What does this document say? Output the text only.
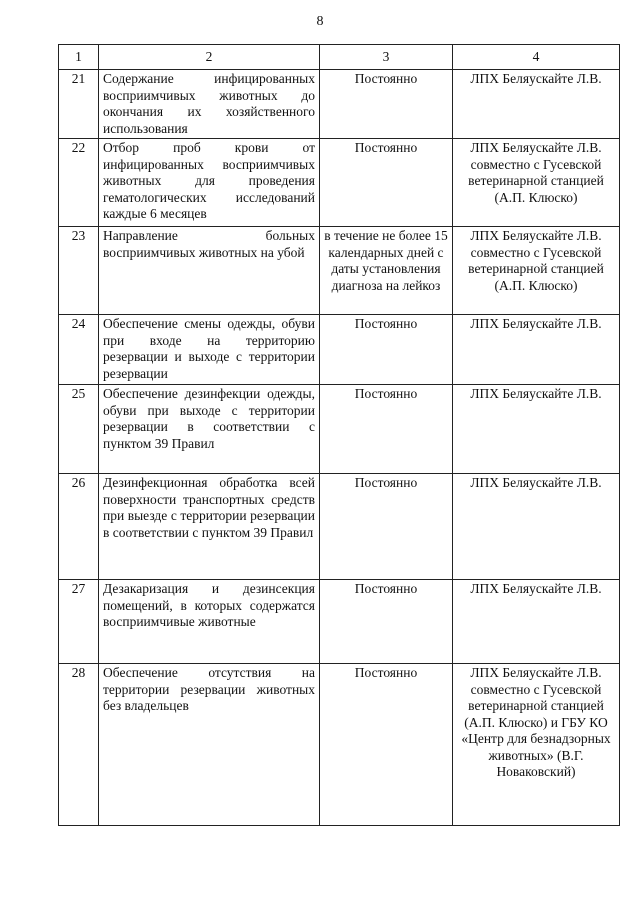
8
1	2	3	4
21	Содержание инфицированных восприимчивых животных до окончания их хозяйственного использования	Постоянно	ЛПХ Беляускайте Л.В.
22	Отбор проб крови от инфицированных восприимчивых животных для проведения гематологических исследований каждые 6 месяцев	Постоянно	ЛПХ Беляускайте Л.В. совместно с Гусевской ветеринарной станцией (А.П. Клюско)
23	Направление больных восприимчивых животных на убой	в течение не более 15 календарных дней с даты установления диагноза на лейкоз	ЛПХ Беляускайте Л.В. совместно с Гусевской ветеринарной станцией (А.П. Клюско)
24	Обеспечение смены одежды, обуви при входе на территорию резервации и выходе с территории резервации	Постоянно	ЛПХ Беляускайте Л.В.
25	Обеспечение дезинфекции одежды, обуви при выходе с территории резервации в соответствии с пунктом 39 Правил	Постоянно	ЛПХ Беляускайте Л.В.
26	Дезинфекционная обработка всей поверхности транспортных средств при выезде с территории резервации в соответствии с пунктом 39 Правил	Постоянно	ЛПХ Беляускайте Л.В.
27	Дезакаризация и дезинсекция помещений, в которых содержатся восприимчивые животные	Постоянно	ЛПХ Беляускайте Л.В.
28	Обеспечение отсутствия на территории резервации животных без владельцев	Постоянно	ЛПХ Беляускайте Л.В. совместно с Гусевской ветеринарной станцией (А.П. Клюско) и ГБУ КО «Центр для безнадзорных животных» (В.Г. Новаковский)
